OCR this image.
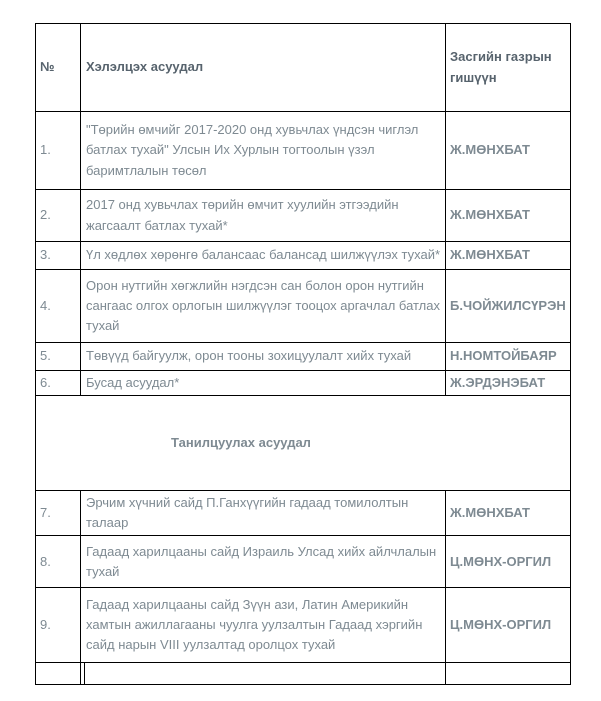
№	Хэлэлцэх асуудал		Засгийн газрын гишүүн
1.	"Төрийн өмчийг 2017-2020 онд хувьчлах үндсэн чиглэл батлах тухай" Улсын Их Хурлын тогтоолын үзэл баримтлалын төсөл		Ж.МӨНХБАТ
2.	2017 онд хувьчлах төрийн өмчит хуулийн этгээдийн жагсаалт батлах тухай*		Ж.МӨНХБАТ
3.	Үл хөдлөх хөрөнгө балансаас балансад шилжүүлэх тухай*		Ж.МӨНХБАТ
4.	Орон нутгийн хөгжлийн нэгдсэн сан болон орон нутгийн сангаас олгох орлогын шилжүүлэг тооцох аргачлал батлах тухай		Б.ЧОЙЖИЛСҮРЭН
5.	Төвүүд байгуулж, орон тооны зохицуулалт хийх тухай		Н.НОМТОЙБАЯР
6.	Бусад асуудал*		Ж.ЭРДЭНЭБАТ
Танилцуулах асуудал			
7.	Эрчим хүчний сайд П.Ганхүүгийн гадаад томилолтын талаар		Ж.МӨНХБАТ
8.	Гадаад харилцааны сайд Израиль Улсад хийх айлчлалын тухай		Ц.МӨНХ-ОРГИЛ
9.	Гадаад харилцааны сайд Зүүн ази, Латин Америкийн хамтын ажиллагааны чуулга уулзалтын Гадаад хэргийн сайд нарын VIII уулзалтад оролцох тухай		Ц.МӨНХ-ОРГИЛ
